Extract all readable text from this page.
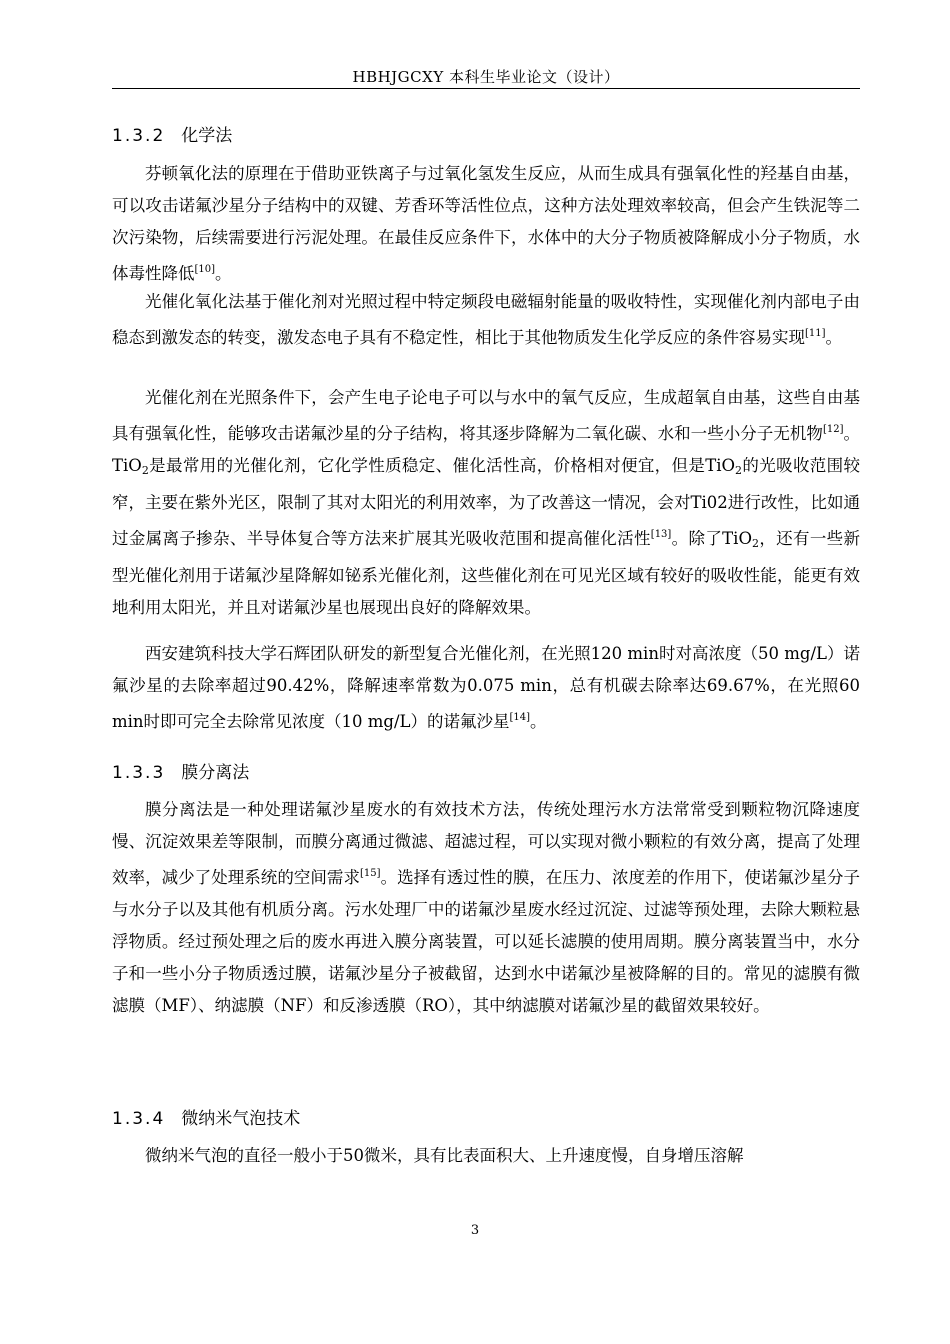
HBHJGCXY 本科生毕业论文（设计）
1.3.2 化学法

芬顿氧化法的原理在于借助亚铁离子与过氧化氢发生反应，从而生成具有强氧化性的羟基自由基，可以攻击诺氟沙星分子结构中的双键、芳香环等活性位点，这种方法处理效率较高，但会产生铁泥等二次污染物，后续需要进行污泥处理。在最佳反应条件下，水体中的大分子物质被降解成小分子物质，水体毒性降低[10]。

光催化氧化法基于催化剂对光照过程中特定频段电磁辐射能量的吸收特性，实现催化剂内部电子由稳态到激发态的转变，激发态电子具有不稳定性，相比于其他物质发生化学反应的条件容易实现[11]。

光催化剂在光照条件下，会产生电子论电子可以与水中的氧气反应，生成超氧自由基，这些自由基具有强氧化性，能够攻击诺氟沙星的分子结构，将其逐步降解为二氧化碳、水和一些小分子无机物[12]。TiO$_2$是最常用的光催化剂，它化学性质稳定、催化活性高，价格相对便宜，但是TiO$_2$的光吸收范围较窄，主要在紫外光区，限制了其对太阳光的利用效率，为了改善这一情况，会对Ti02进行改性，比如通过金属离子掺杂、半导体复合等方法来扩展其光吸收范围和提高催化活性[13]。除了TiO$_2$，还有一些新型光催化剂用于诺氟沙星降解如铋系光催化剂，这些催化剂在可见光区域有较好的吸收性能，能更有效地利用太阳光，并且对诺氟沙星也展现出良好的降解效果。

西安建筑科技大学石辉团队研发的新型复合光催化剂，在光照120 min时对高浓度（50 mg/L）诺氟沙星的去除率超过90.42%，降解速率常数为0.075 min，总有机碳去除率达69.67%，在光照60 min时即可完全去除常见浓度（10 mg/L）的诺氟沙星[14]。

1.3.3 膜分离法

膜分离法是一种处理诺氟沙星废水的有效技术方法，传统处理污水方法常常受到颗粒物沉降速度慢、沉淀效果差等限制，而膜分离通过微滤、超滤过程，可以实现对微小颗粒的有效分离，提高了处理效率，减少了处理系统的空间需求[15]。选择有透过性的膜，在压力、浓度差的作用下，使诺氟沙星分子与水分子以及其他有机质分离。污水处理厂中的诺氟沙星废水经过沉淀、过滤等预处理，去除大颗粒悬浮物质。经过预处理之后的废水再进入膜分离装置，可以延长滤膜的使用周期。膜分离装置当中，水分子和一些小分子物质透过膜，诺氟沙星分子被截留，达到水中诺氟沙星被降解的目的。常见的滤膜有微滤膜（MF）、纳滤膜（NF）和反渗透膜（RO），其中纳滤膜对诺氟沙星的截留效果较好。

1.3.4 微纳米气泡技术

微纳米气泡的直径一般小于50微米，具有比表面积大、上升速度慢，自身增压溶解

3
